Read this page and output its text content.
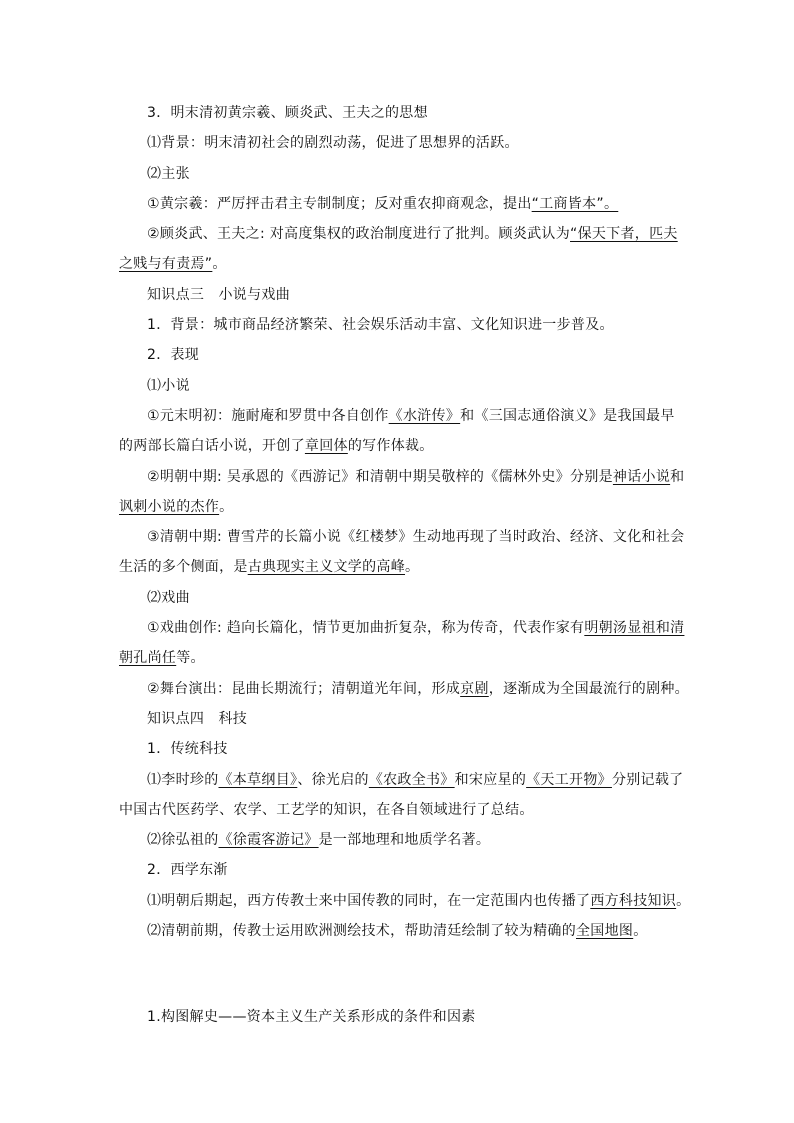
3．明末清初黄宗羲、顾炎武、王夫之的思想
⑴背景：明末清初社会的剧烈动荡，促进了思想界的活跃。
⑵主张
①黄宗羲：严厉抨击君主专制制度；反对重农抑商观念，提出“工商皆本”。
②顾炎武、王夫之: 对高度集权的政治制度进行了批判。顾炎武认为“保天下者，匹夫
之贱与有责焉”。
知识点三　小说与戏曲
1．背景：城市商品经济繁荣、社会娱乐活动丰富、文化知识进一步普及。
2．表现
⑴小说
①元末明初：施耐庵和罗贯中各自创作《水浒传》和《三国志通俗演义》是我国最早
的两部长篇白话小说，开创了章回体的写作体裁。
②明朝中期: 吴承恩的《西游记》和清朝中期吴敬梓的《儒林外史》分别是神话小说和
讽刺小说的杰作。
③清朝中期: 曹雪芹的长篇小说《红楼梦》生动地再现了当时政治、经济、文化和社会
生活的多个侧面，是古典现实主义文学的高峰。
⑵戏曲
①戏曲创作: 趋向长篇化，情节更加曲折复杂，称为传奇，代表作家有明朝汤显祖和清
朝孔尚任等。
②舞台演出：昆曲长期流行；清朝道光年间，形成京剧，逐渐成为全国最流行的剧种。
知识点四　科技
1．传统科技
⑴李时珍的《本草纲目》、徐光启的《农政全书》和宋应星的《天工开物》分别记载了
中国古代医药学、农学、工艺学的知识，在各自领域进行了总结。
⑵徐弘祖的《徐霞客游记》是一部地理和地质学名著。
2．西学东渐
⑴明朝后期起，西方传教士来中国传教的同时，在一定范围内也传播了西方科技知识。
⑵清朝前期，传教士运用欧洲测绘技术，帮助清廷绘制了较为精确的全国地图。
1.构图解史——资本主义生产关系形成的条件和因素
